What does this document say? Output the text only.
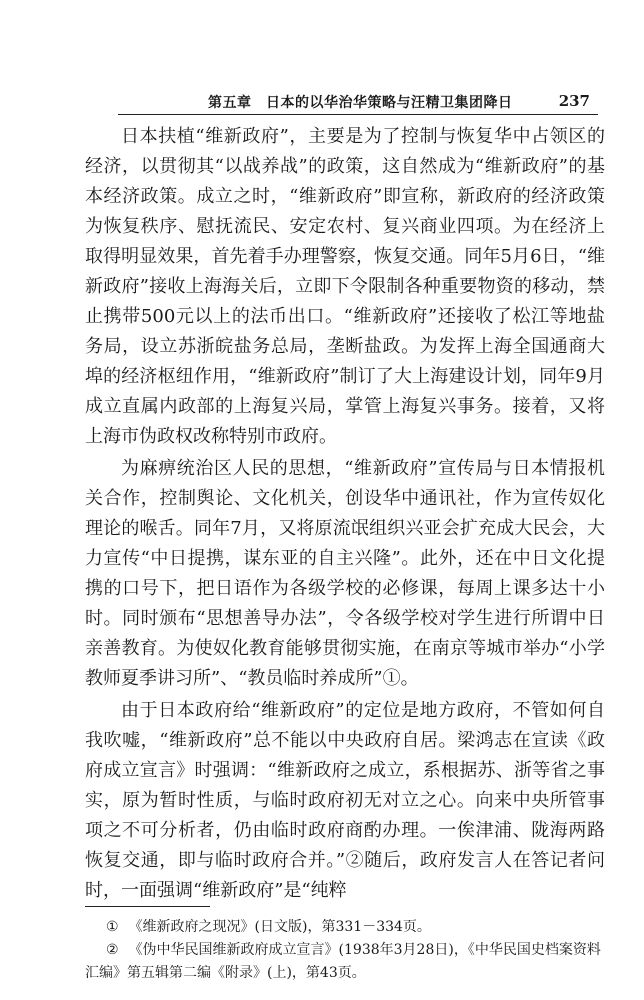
第五章　日本的以华治华策略与汪精卫集团降日	237

日本扶植“维新政府”，主要是为了控制与恢复华中占领区的经济，以贯彻其“以战养战”的政策，这自然成为“维新政府”的基本经济政策。成立之时，“维新政府”即宣称，新政府的经济政策为恢复秩序、慰抚流民、安定农村、复兴商业四项。为在经济上取得明显效果，首先着手办理警察，恢复交通。同年5月6日，“维新政府”接收上海海关后，立即下令限制各种重要物资的移动，禁止携带500元以上的法币出口。“维新政府”还接收了松江等地盐务局，设立苏浙皖盐务总局，垄断盐政。为发挥上海全国通商大埠的经济枢纽作用，“维新政府”制订了大上海建设计划，同年9月成立直属内政部的上海复兴局，掌管上海复兴事务。接着，又将上海市伪政权改称特别市政府。

为麻痹统治区人民的思想，“维新政府”宣传局与日本情报机关合作，控制舆论、文化机关，创设华中通讯社，作为宣传奴化理论的喉舌。同年7月，又将原流氓组织兴亚会扩充成大民会，大力宣传“中日提携，谋东亚的自主兴隆”。此外，还在中日文化提携的口号下，把日语作为各级学校的必修课，每周上课多达十小时。同时颁布“思想善导办法”，令各级学校对学生进行所谓中日亲善教育。为使奴化教育能够贯彻实施，在南京等城市举办“小学教师夏季讲习所”、“教员临时养成所”①。

由于日本政府给“维新政府”的定位是地方政府，不管如何自我吹嘘，“维新政府”总不能以中央政府自居。梁鸿志在宣读《政府成立宣言》时强调：“维新政府之成立，系根据苏、浙等省之事实，原为暂时性质，与临时政府初无对立之心。向来中央所管事项之不可分析者，仍由临时政府商酌办理。一俟津浦、陇海两路恢复交通，即与临时政府合并。”②随后，政府发言人在答记者问时，一面强调“维新政府”是“纯粹

① 《维新政府之现况》(日文版)，第331－334页。

② 《伪中华民国维新政府成立宣言》(1938年3月28日)，《中华民国史档案资料汇编》第五辑第二编《附录》(上)，第43页。
